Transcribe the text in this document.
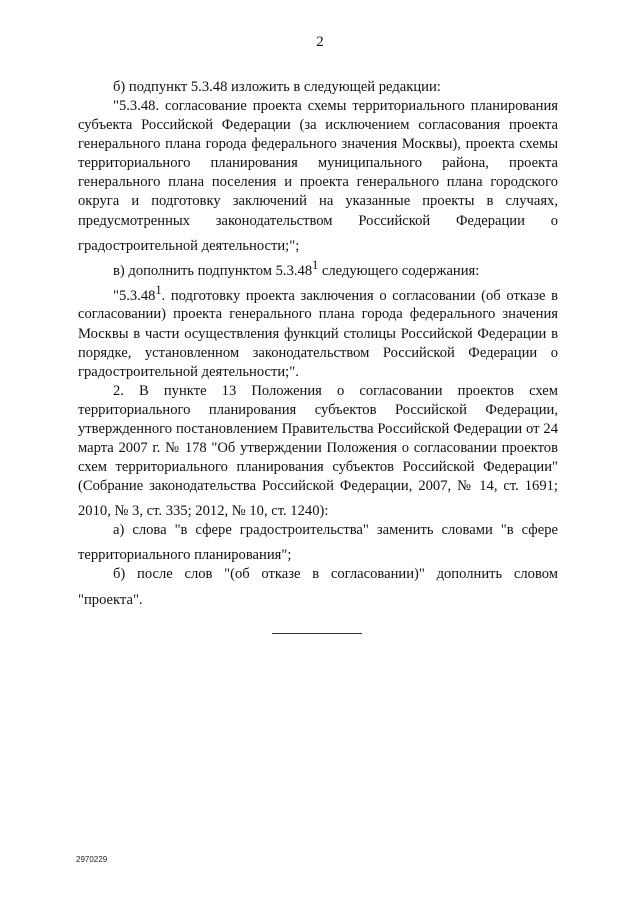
2

б) подпункт 5.3.48 изложить в следующей редакции:

"5.3.48. согласование проекта схемы территориального планирования субъекта Российской Федерации (за исключением согласования проекта генерального плана города федерального значения Москвы), проекта схемы территориального планирования муниципального района, проекта генерального плана поселения и проекта генерального плана городского округа и подготовку заключений на указанные проекты в случаях, предусмотренных законодательством Российской Федерации о градостроительной деятельности;";

в) дополнить подпунктом 5.3.48$^1$ следующего содержания:

"5.3.48$^1$. подготовку проекта заключения о согласовании (об отказе в согласовании) проекта генерального плана города федерального значения Москвы в части осуществления функций столицы Российской Федерации в порядке, установленном законодательством Российской Федерации о градостроительной деятельности;".

2. В пункте 13 Положения о согласовании проектов схем территориального планирования субъектов Российской Федерации, утвержденного постановлением Правительства Российской Федерации от 24 марта 2007 г. № 178 "Об утверждении Положения о согласовании проектов схем территориального планирования субъектов Российской Федерации" (Собрание законодательства Российской Федерации, 2007, № 14, ст. 1691; 2010, № 3, ст. 335; 2012, № 10, ст. 1240):

а) слова "в сфере градостроительства" заменить словами "в сфере территориального планирования";

б) после слов "(об отказе в согласовании)" дополнить словом "проекта".

2970229
